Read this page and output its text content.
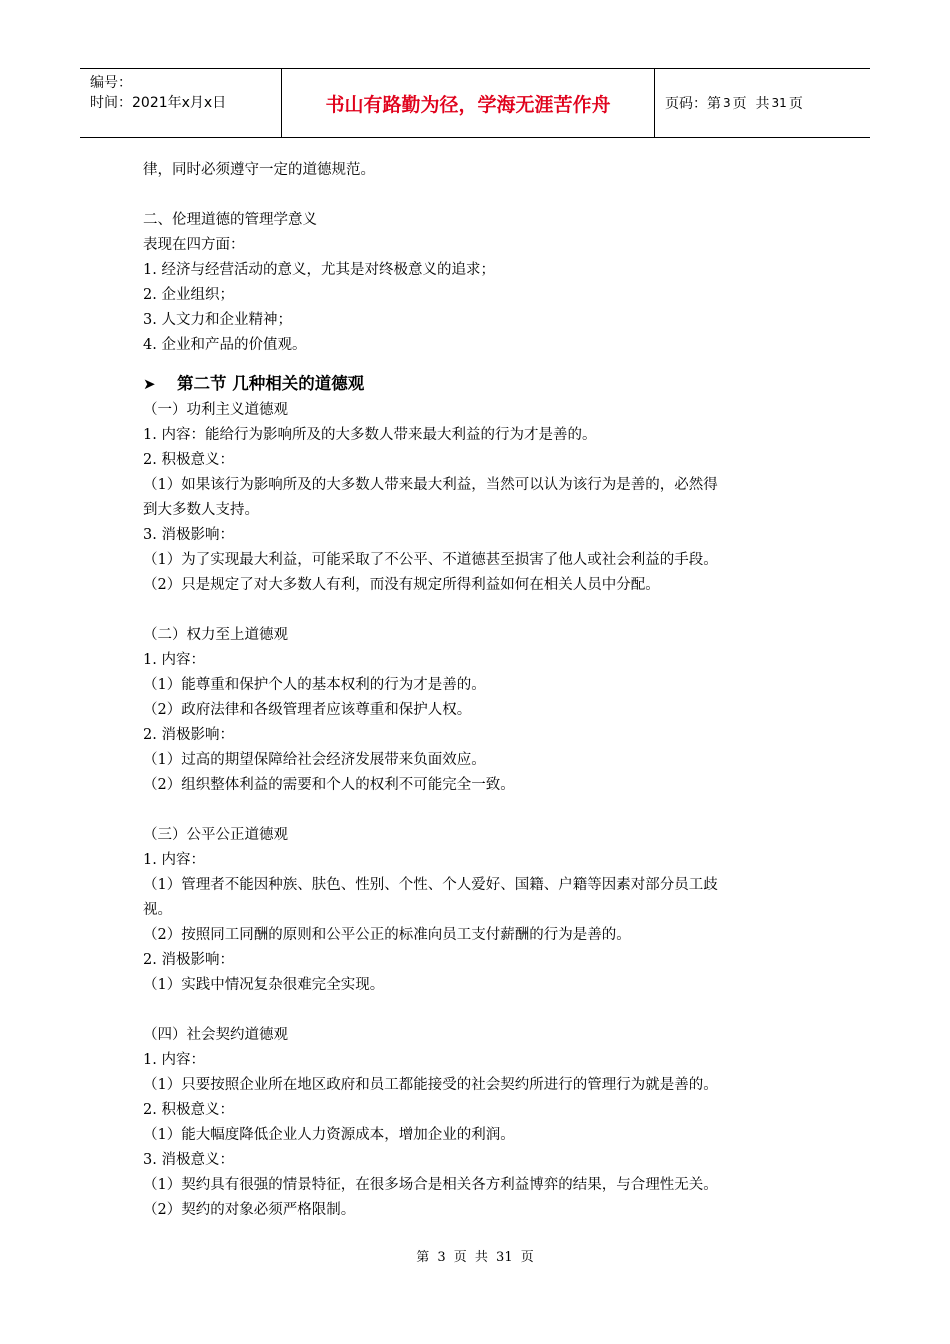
编号：
时间：2021年x月x日	书山有路勤为径，学海无涯苦作舟	页码：第 3 页  共 31 页
律，同时必须遵守一定的道德规范。
二、伦理道德的管理学意义
表现在四方面：
1. 经济与经营活动的意义，尤其是对终极意义的追求；
2. 企业组织；
3. 人文力和企业精神；
4. 企业和产品的价值观。
➤	第二节 几种相关的道德观
（一）功利主义道德观
1. 内容：能给行为影响所及的大多数人带来最大利益的行为才是善的。
2. 积极意义：
（1）如果该行为影响所及的大多数人带来最大利益，当然可以认为该行为是善的，必然得
到大多数人支持。
3. 消极影响：
（1）为了实现最大利益，可能采取了不公平、不道德甚至损害了他人或社会利益的手段。
（2）只是规定了对大多数人有利，而没有规定所得利益如何在相关人员中分配。
（二）权力至上道德观
1. 内容：
（1）能尊重和保护个人的基本权利的行为才是善的。
（2）政府法律和各级管理者应该尊重和保护人权。
2. 消极影响：
（1）过高的期望保障给社会经济发展带来负面效应。
（2）组织整体利益的需要和个人的权利不可能完全一致。
（三）公平公正道德观
1. 内容：
（1）管理者不能因种族、肤色、性别、个性、个人爱好、国籍、户籍等因素对部分员工歧
视。
（2）按照同工同酬的原则和公平公正的标准向员工支付薪酬的行为是善的。
2. 消极影响：
（1）实践中情况复杂很难完全实现。
（四）社会契约道德观
1. 内容：
（1）只要按照企业所在地区政府和员工都能接受的社会契约所进行的管理行为就是善的。
2. 积极意义：
（1）能大幅度降低企业人力资源成本，增加企业的利润。
3. 消极意义：
（1）契约具有很强的情景特征，在很多场合是相关各方利益博弈的结果，与合理性无关。
（2）契约的对象必须严格限制。
第 3 页 共 31 页
